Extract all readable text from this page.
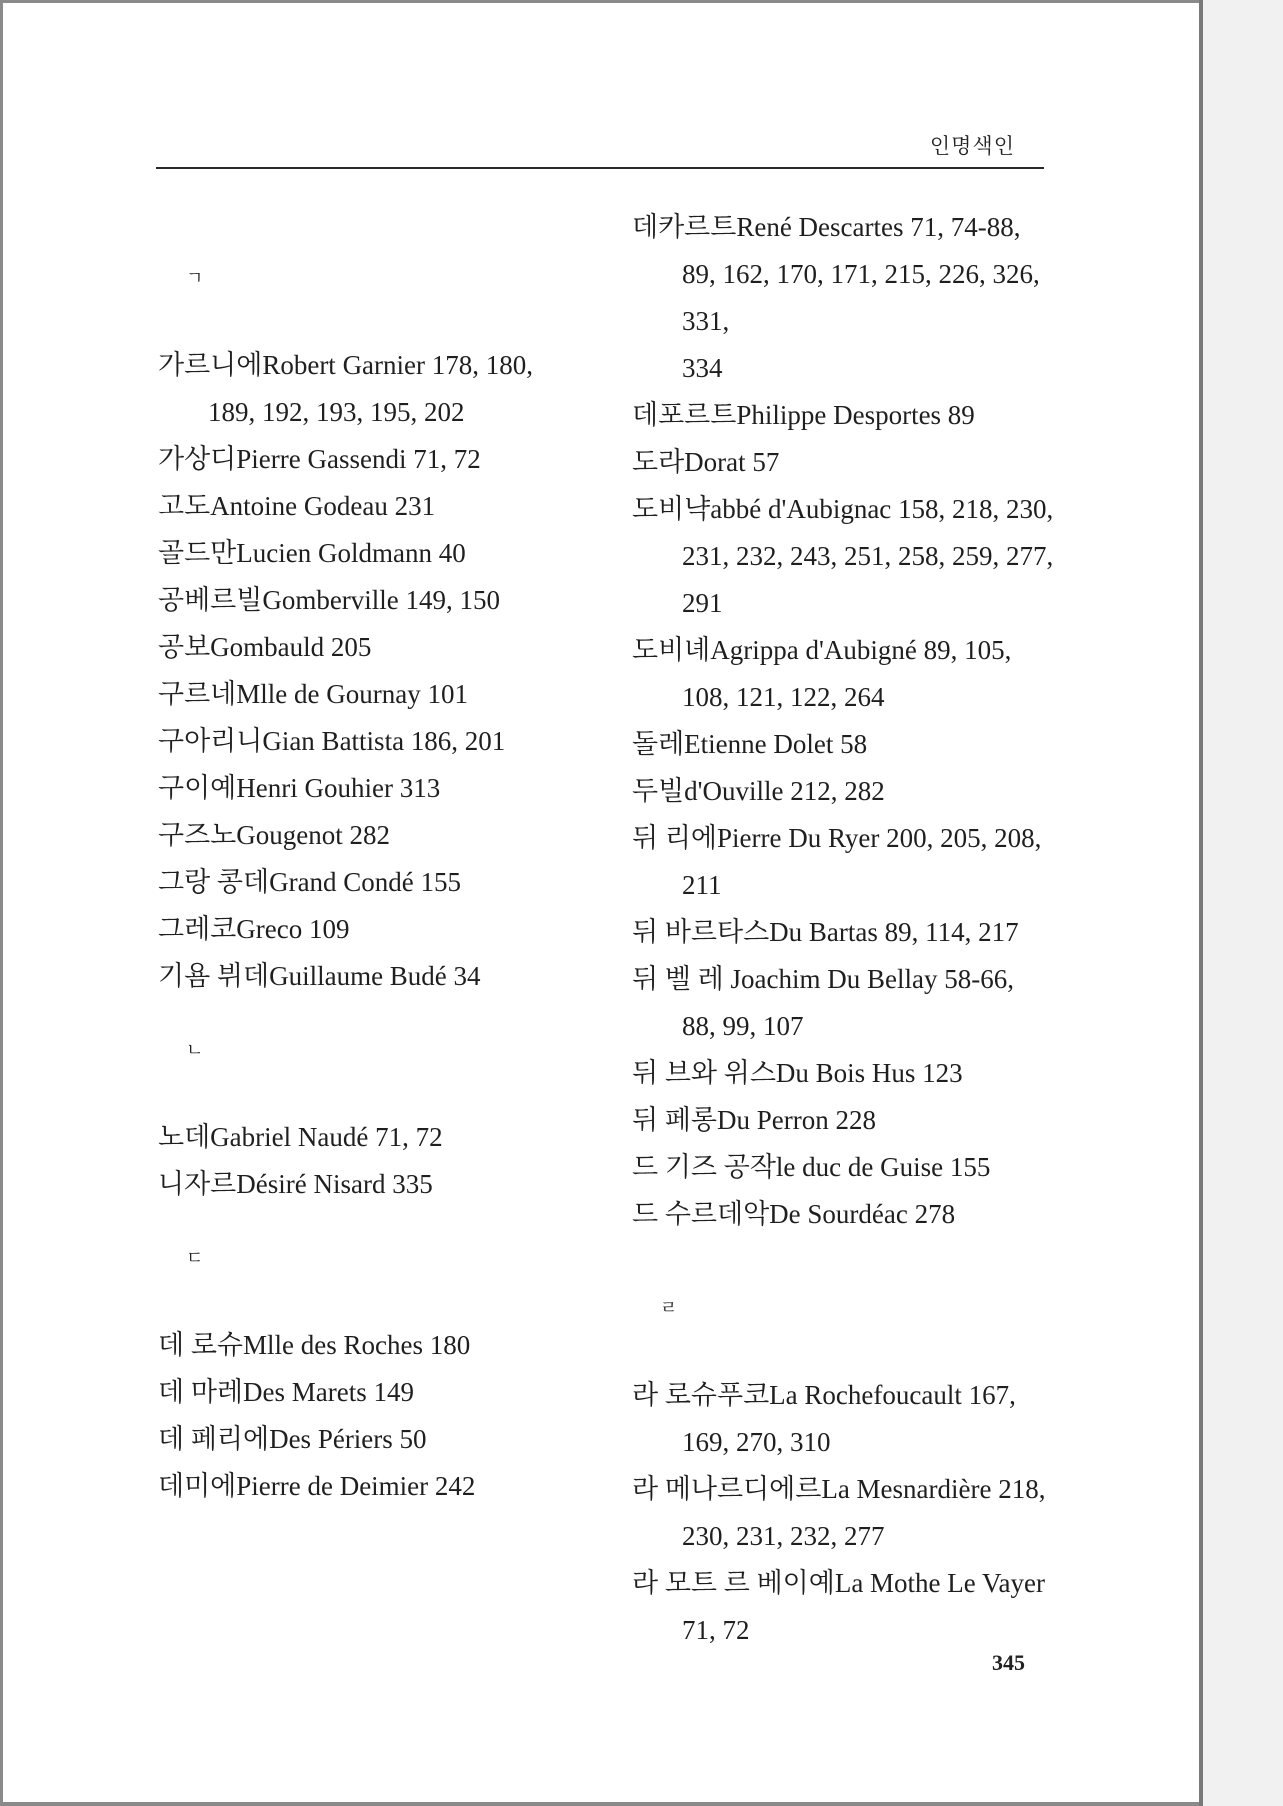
인명색인
ㄱ
가르니에Robert Garnier 178, 180,
189, 192, 193, 195, 202
가상디Pierre Gassendi 71, 72
고도Antoine Godeau 231
골드만Lucien Goldmann 40
공베르빌Gomberville 149, 150
공보Gombauld 205
구르네Mlle de Gournay 101
구아리니Gian Battista 186, 201
구이예Henri Gouhier 313
구즈노Gougenot 282
그랑 콩데Grand Condé 155
그레코Greco 109
기욤 뷔데Guillaume Budé 34
ㄴ
노데Gabriel Naudé 71, 72
니자르Désiré Nisard 335
ㄷ
데 로슈Mlle des Roches 180
데 마레Des Marets 149
데 페리에Des Périers 50
데미에Pierre de Deimier 242
데카르트René Descartes 71, 74-88,
89, 162, 170, 171, 215, 226, 326, 331,
334
데포르트Philippe Desportes 89
도라Dorat 57
도비냑abbé d'Aubignac 158, 218, 230,
231, 232, 243, 251, 258, 259, 277, 291
도비녜Agrippa d'Aubigné 89, 105,
108, 121, 122, 264
돌레Etienne Dolet 58
두빌d'Ouville 212, 282
뒤 리에Pierre Du Ryer 200, 205, 208,
211
뒤 바르타스Du Bartas 89, 114, 217
뒤 벨 레 Joachim Du Bellay 58-66,
88, 99, 107
뒤 브와 위스Du Bois Hus 123
뒤 페롱Du Perron 228
드 기즈 공작le duc de Guise 155
드 수르데악De Sourdéac 278
ㄹ
라 로슈푸코La Rochefoucault 167,
169, 270, 310
라 메나르디에르La Mesnardière 218,
230, 231, 232, 277
라 모트 르 베이예La Mothe Le Vayer
71, 72
345
